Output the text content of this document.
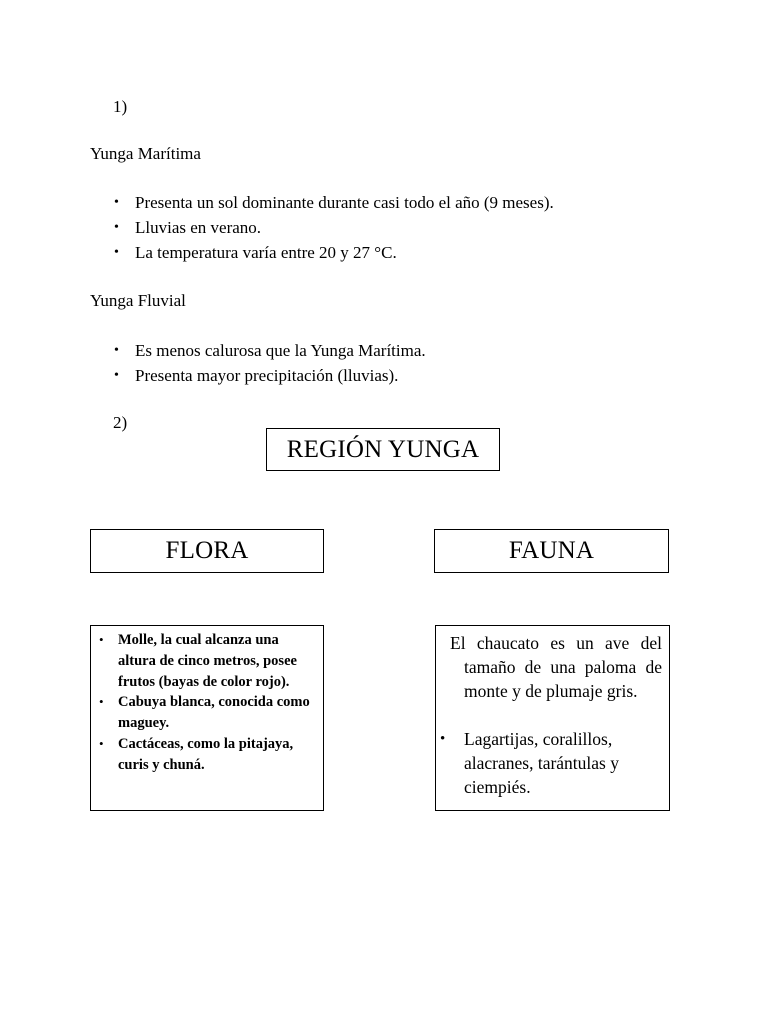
1)
Yunga Marítima
• Presenta un sol dominante durante casi todo el año (9 meses).
• Lluvias en verano.
• La temperatura varía entre 20 y 27 °C.
Yunga Fluvial
• Es menos calurosa que la Yunga Marítima.
• Presenta mayor precipitación (lluvias).
2)
REGIÓN YUNGA
FLORA	FAUNA
• Molle, la cual alcanza una altura de cinco metros, posee frutos (bayas de color rojo).
• Cabuya blanca, conocida como maguey.
• Cactáceas, como la pitajaya, curis y chuná.
El chaucato es un ave del tamaño de una paloma de monte y de plumaje gris.
• Lagartijas, coralillos, alacranes, tarántulas y ciempiés.
